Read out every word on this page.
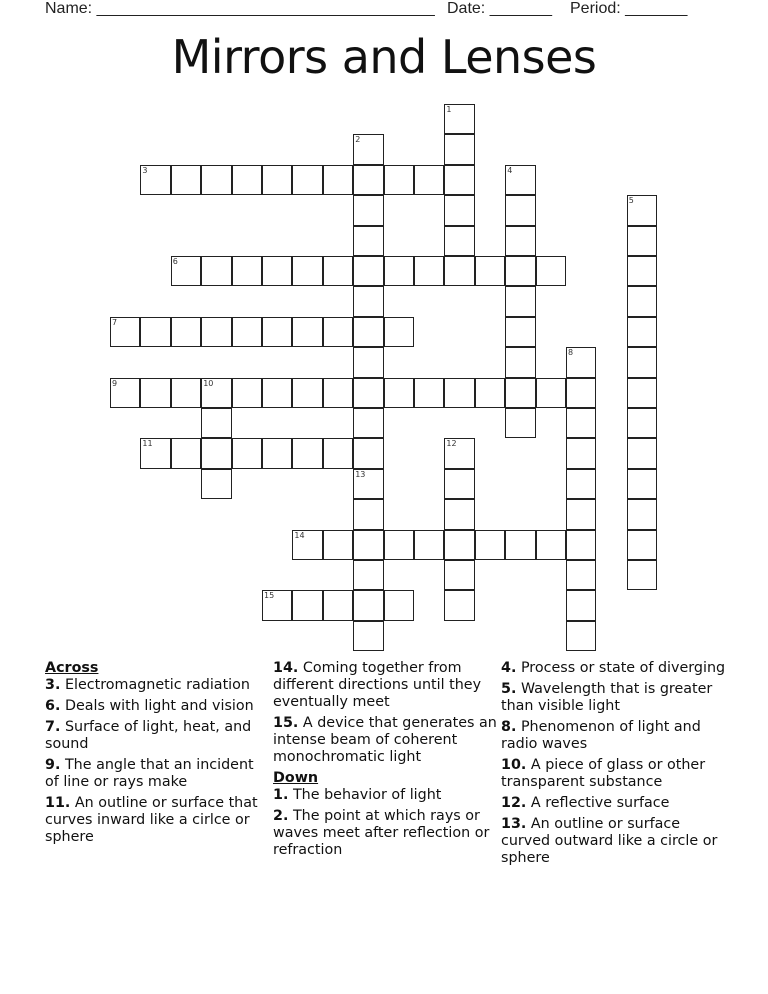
Name: ______________________________________ Date: _______ Period: _______
Mirrors and Lenses
1
2
3	4
5
6
7
8
9	10
11	12
13
14
15
Across
3. Electromagnetic radiation
6. Deals with light and vision
7. Surface of light, heat, and sound
9. The angle that an incident of line or rays make
11. An outline or surface that curves inward like a cirlce or sphere
14. Coming together from different directions until they eventually meet
15. A device that generates an intense beam of coherent monochromatic light
Down
1. The behavior of light
2. The point at which rays or waves meet after reflection or refraction
4. Process or state of diverging
5. Wavelength that is greater than visible light
8. Phenomenon of light and radio waves
10. A piece of glass or other transparent substance
12. A reflective surface
13. An outline or surface curved outward like a circle or sphere
